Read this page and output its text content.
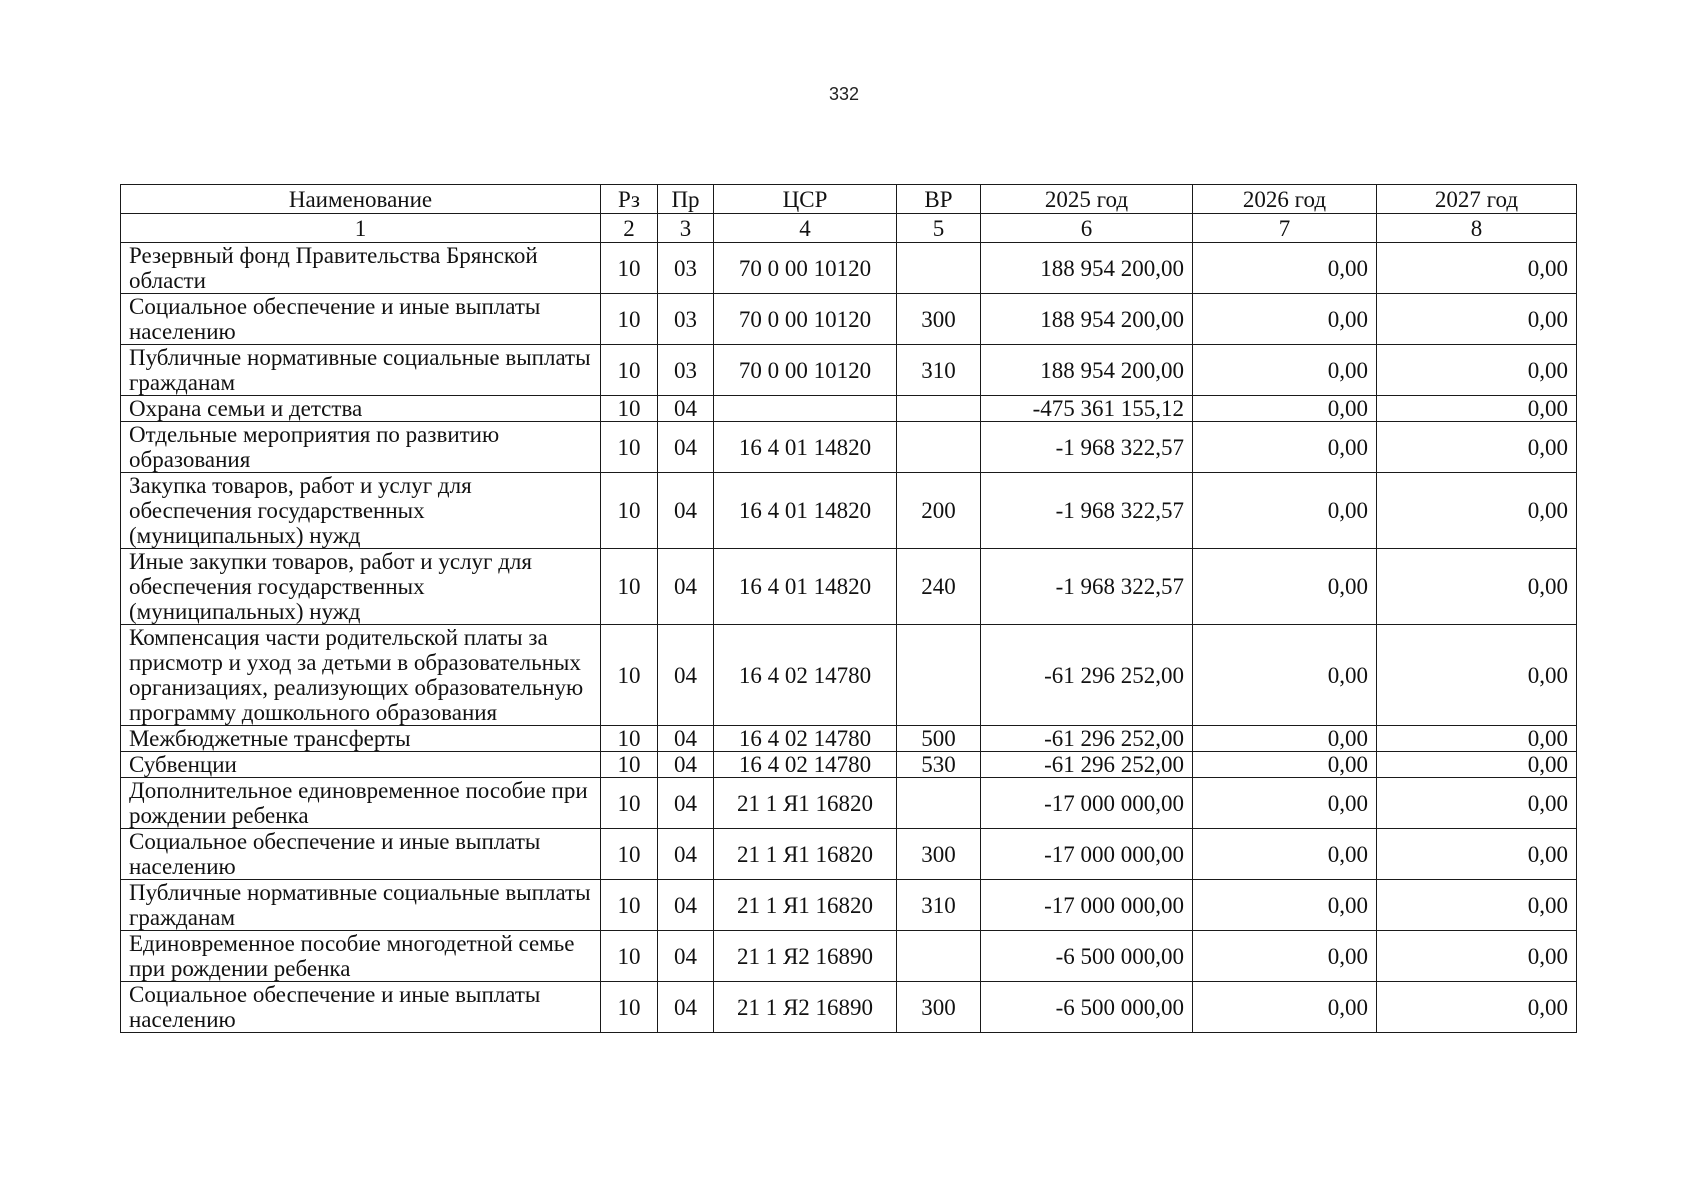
332
Наименование	Рз	Пр	ЦСР	ВР	2025 год	2026 год	2027 год
1	2	3	4	5	6	7	8
Резервный фонд Правительства Брянской области	10	03	70 0 00 10120		188 954 200,00	0,00	0,00
Социальное обеспечение и иные выплаты населению	10	03	70 0 00 10120	300	188 954 200,00	0,00	0,00
Публичные нормативные социальные выплаты гражданам	10	03	70 0 00 10120	310	188 954 200,00	0,00	0,00
Охрана семьи и детства	10	04			-475 361 155,12	0,00	0,00
Отдельные мероприятия по развитию образования	10	04	16 4 01 14820		-1 968 322,57	0,00	0,00
Закупка товаров, работ и услуг для обеспечения государственных (муниципальных) нужд	10	04	16 4 01 14820	200	-1 968 322,57	0,00	0,00
Иные закупки товаров, работ и услуг для обеспечения государственных (муниципальных) нужд	10	04	16 4 01 14820	240	-1 968 322,57	0,00	0,00
Компенсация части родительской платы за присмотр и уход за детьми в образовательных организациях, реализующих образовательную программу дошкольного образования	10	04	16 4 02 14780		-61 296 252,00	0,00	0,00
Межбюджетные трансферты	10	04	16 4 02 14780	500	-61 296 252,00	0,00	0,00
Субвенции	10	04	16 4 02 14780	530	-61 296 252,00	0,00	0,00
Дополнительное единовременное пособие при рождении ребенка	10	04	21 1 Я1 16820		-17 000 000,00	0,00	0,00
Социальное обеспечение и иные выплаты населению	10	04	21 1 Я1 16820	300	-17 000 000,00	0,00	0,00
Публичные нормативные социальные выплаты гражданам	10	04	21 1 Я1 16820	310	-17 000 000,00	0,00	0,00
Единовременное пособие многодетной семье при рождении ребенка	10	04	21 1 Я2 16890		-6 500 000,00	0,00	0,00
Социальное обеспечение и иные выплаты населению	10	04	21 1 Я2 16890	300	-6 500 000,00	0,00	0,00
